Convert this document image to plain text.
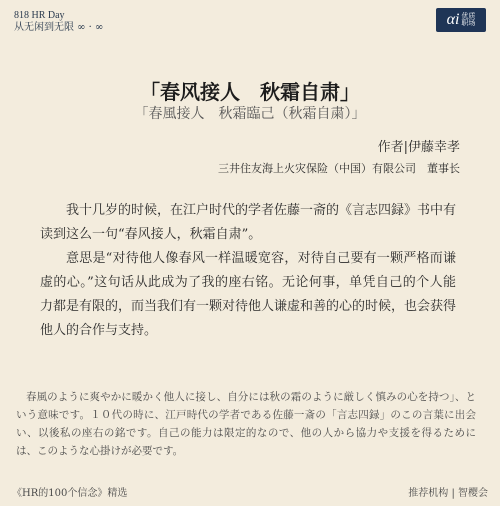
818 HR Day
从无闲到无限 ∞ · ∞	αi 优质
职场
「春风接人　秋霜自肃」
「春風接人　秋霜臨己（秋霜自粛）」
作者|伊藤幸孝
三井住友海上火灾保险（中国）有限公司　董事长

我十几岁的时候，在江户时代的学者佐藤一斋的《言志四録》书中有读到这么一句“春风接人，秋霜自肃”。

意思是“对待他人像春风一样温暖宽容，对待自己要有一颗严格而谦虚的心。”这句话从此成为了我的座右铭。无论何事，单凭自己的个人能力都是有限的，而当我们有一颗对待他人谦虚和善的心的时候，也会获得他人的合作与支持。

春風のように爽やかに暖かく他人に接し、自分には秋の霜のように厳しく慎みの心を持つ」、という意味です。１０代の時に、江戸時代の学者である佐藤一斎の「言志四録」のこの言葉に出会い、以後私の座右の銘です。自己の能力は限定的なので、他の人から協力や支援を得るためには、このような心掛けが必要です。
《HR的100个信念》精选	推荐机构 | 智樱会
